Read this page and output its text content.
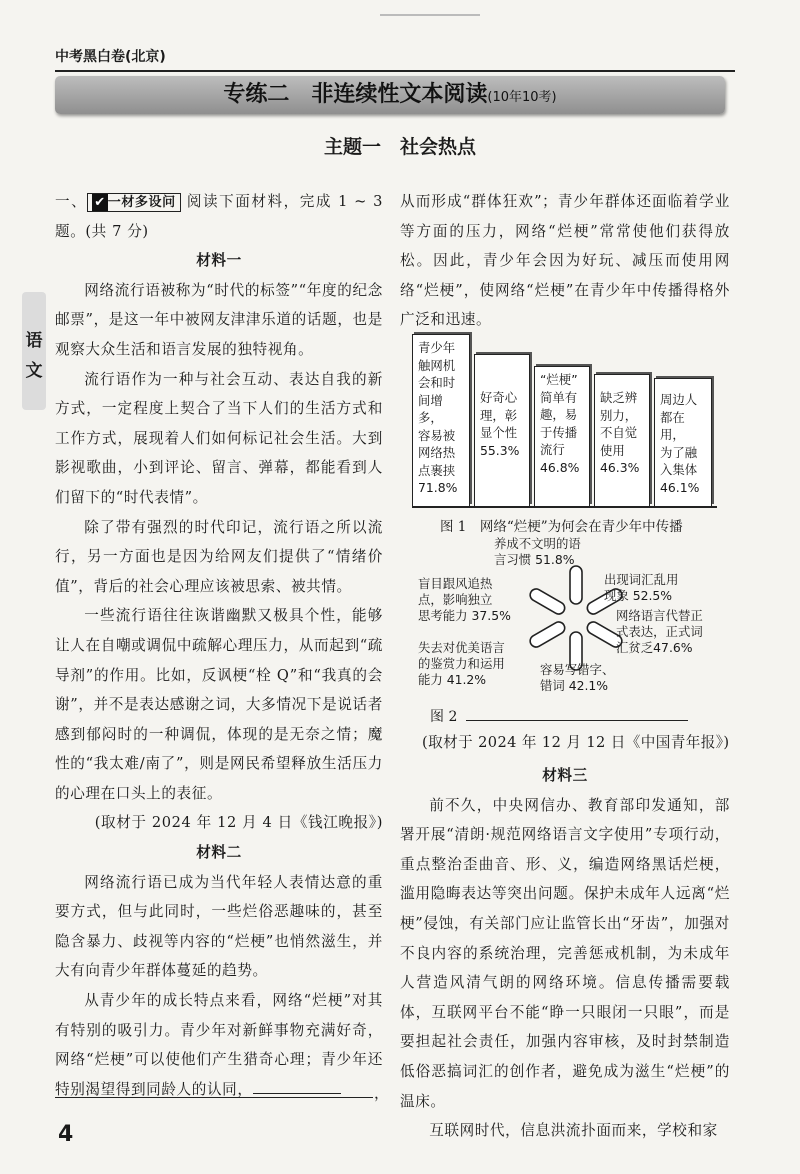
中考黑白卷(北京)
专练二　非连续性文本阅读(10年10考)
主题一　社会热点
语
文

一、 ✔ 一材多设问 阅读下面材料，完成 1 ~ 3 题。(共 7 分)

材料一

网络流行语被称为“时代的标签”“年度的纪念邮票”，是这一年中被网友津津乐道的话题，也是观察大众生活和语言发展的独特视角。

流行语作为一种与社会互动、表达自我的新方式，一定程度上契合了当下人们的生活方式和工作方式，展现着人们如何标记社会生活。大到影视歌曲，小到评论、留言、弹幕，都能看到人们留下的“时代表情”。

除了带有强烈的时代印记，流行语之所以流行，另一方面也是因为给网友们提供了“情绪价值”，背后的社会心理应该被思索、被共情。

一些流行语往往诙谐幽默又极具个性，能够让人在自嘲或调侃中疏解心理压力，从而起到“疏导剂”的作用。比如，反讽梗“栓 Q”和“我真的会谢”，并不是表达感谢之词，大多情况下是说话者感到郁闷时的一种调侃，体现的是无奈之情；魔性的“我太难/南了”，则是网民希望释放生活压力的心理在口头上的表征。

(取材于 2024 年 12 月 4 日《钱江晚报》)
材料二

网络流行语已成为当代年轻人表情达意的重要方式，但与此同时，一些烂俗恶趣味的，甚至隐含暴力、歧视等内容的“烂梗”也悄然滋生，并大有向青少年群体蔓延的趋势。

从青少年的成长特点来看，网络“烂梗”对其有特别的吸引力。青少年对新鲜事物充满好奇，网络“烂梗”可以使他们产生猎奇心理；青少年还特别渴望得到同龄人的认同，	，
4

从而形成“群体狂欢”；青少年群体还面临着学业等方面的压力，网络“烂梗”常常使他们获得放松。因此，青少年会因为好玩、减压而使用网络“烂梗”，使网络“烂梗”在青少年中传播得格外广泛和迅速。

青少年
触网机
会和时
间增多，
容易被
网络热
点裹挟
71.8%
好奇心
理，彰
显个性
55.3%
“烂梗”
简单有
趣，易
于传播
流行
46.8%
缺乏辨
别力，
不自觉
使用
46.3%
周边人
都在用，
为了融
入集体
46.1%
图 1　网络“烂梗”为何会在青少年中传播
养成不文明的语
言习惯 51.8%
出现词汇乱用
现象 52.5%
网络语言代替正
式表达，正式词
汇贫乏47.6%
容易写错字、
错词 42.1%
失去对优美语言
的鉴赏力和运用
能力 41.2%
盲目跟风追热
点，影响独立
思考能力 37.5%
图 2
(取材于 2024 年 12 月 12 日《中国青年报》)
材料三

前不久，中央网信办、教育部印发通知，部署开展“清朗·规范网络语言文字使用”专项行动，重点整治歪曲音、形、义，编造网络黑话烂梗，滥用隐晦表达等突出问题。保护未成年人远离“烂梗”侵蚀，有关部门应让监管长出“牙齿”，加强对不良内容的系统治理，完善惩戒机制，为未成年人营造风清气朗的网络环境。信息传播需要载体，互联网平台不能“睁一只眼闭一只眼”，而是要担起社会责任，加强内容审核，及时封禁制造低俗恶搞词汇的创作者，避免成为滋生“烂梗”的温床。

互联网时代，信息洪流扑面而来，学校和家
